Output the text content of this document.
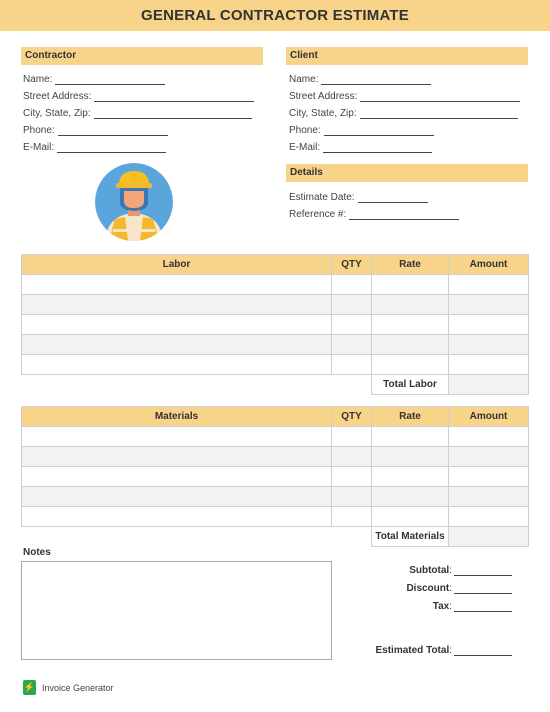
GENERAL CONTRACTOR ESTIMATE
Contractor
Name:
Street Address:
City, State, Zip:
Phone:
E-Mail:
Client
Name:
Street Address:
City, State, Zip:
Phone:
E-Mail:
Details
Estimate Date:
Reference #:
Labor	QTY	Rate	Amount

		Total Labor	
Materials	QTY	Rate	Amount

		Total Materials	
Notes
Subtotal :
Discount :
Tax :
Estimated Total :
⚡ Invoice Generator
